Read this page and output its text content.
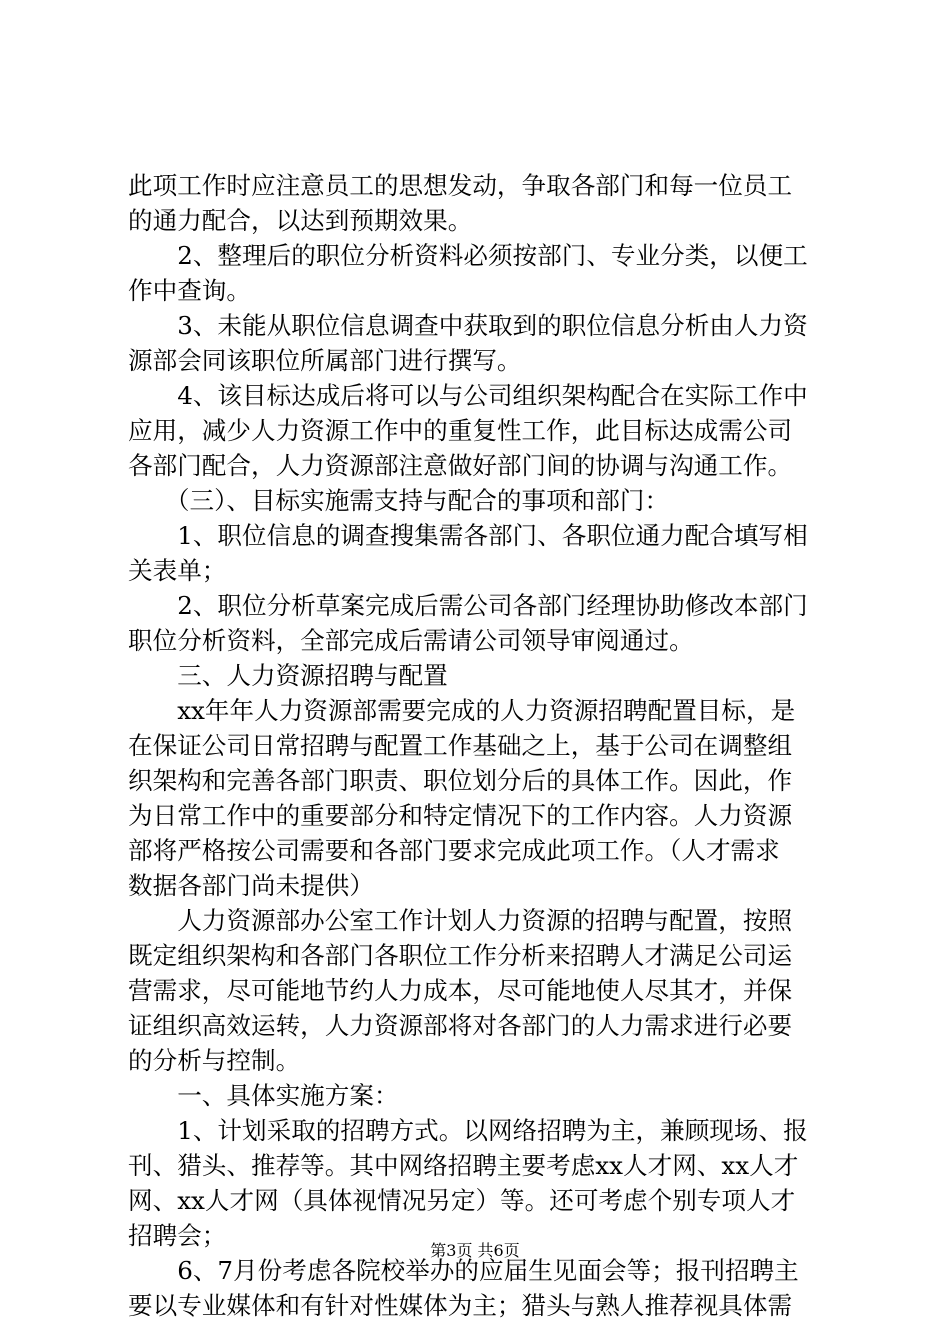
此项工作时应注意员工的思想发动，争取各部门和每一位员工
的通力配合，以达到预期效果。
　　2、整理后的职位分析资料必须按部门、专业分类，以便工
作中查询。
　　3、未能从职位信息调查中获取到的职位信息分析由人力资
源部会同该职位所属部门进行撰写。
　　4、该目标达成后将可以与公司组织架构配合在实际工作中
应用，减少人力资源工作中的重复性工作，此目标达成需公司
各部门配合，人力资源部注意做好部门间的协调与沟通工作。
　　（三）、目标实施需支持与配合的事项和部门：
　　1、职位信息的调查搜集需各部门、各职位通力配合填写相
关表单；
　　2、职位分析草案完成后需公司各部门经理协助修改本部门
职位分析资料，全部完成后需请公司领导审阅通过。
　　三、人力资源招聘与配置
　　xx年年人力资源部需要完成的人力资源招聘配置目标，是
在保证公司日常招聘与配置工作基础之上，基于公司在调整组
织架构和完善各部门职责、职位划分后的具体工作。因此，作
为日常工作中的重要部分和特定情况下的工作内容。人力资源
部将严格按公司需要和各部门要求完成此项工作。（人才需求
数据各部门尚未提供）
　　人力资源部办公室工作计划人力资源的招聘与配置，按照
既定组织架构和各部门各职位工作分析来招聘人才满足公司运
营需求，尽可能地节约人力成本，尽可能地使人尽其才，并保
证组织高效运转，人力资源部将对各部门的人力需求进行必要
的分析与控制。
　　一、具体实施方案：
　　1、计划采取的招聘方式。以网络招聘为主，兼顾现场、报
刊、猎头、推荐等。其中网络招聘主要考虑xx人才网、xx人才
网、xx人才网（具体视情况另定）等。还可考虑个别专项人才
招聘会；
　　6、7月份考虑各院校举办的应届生见面会等；报刊招聘主
要以专业媒体和有针对性媒体为主；猎头与熟人推荐视具体需
第3页 共6页
